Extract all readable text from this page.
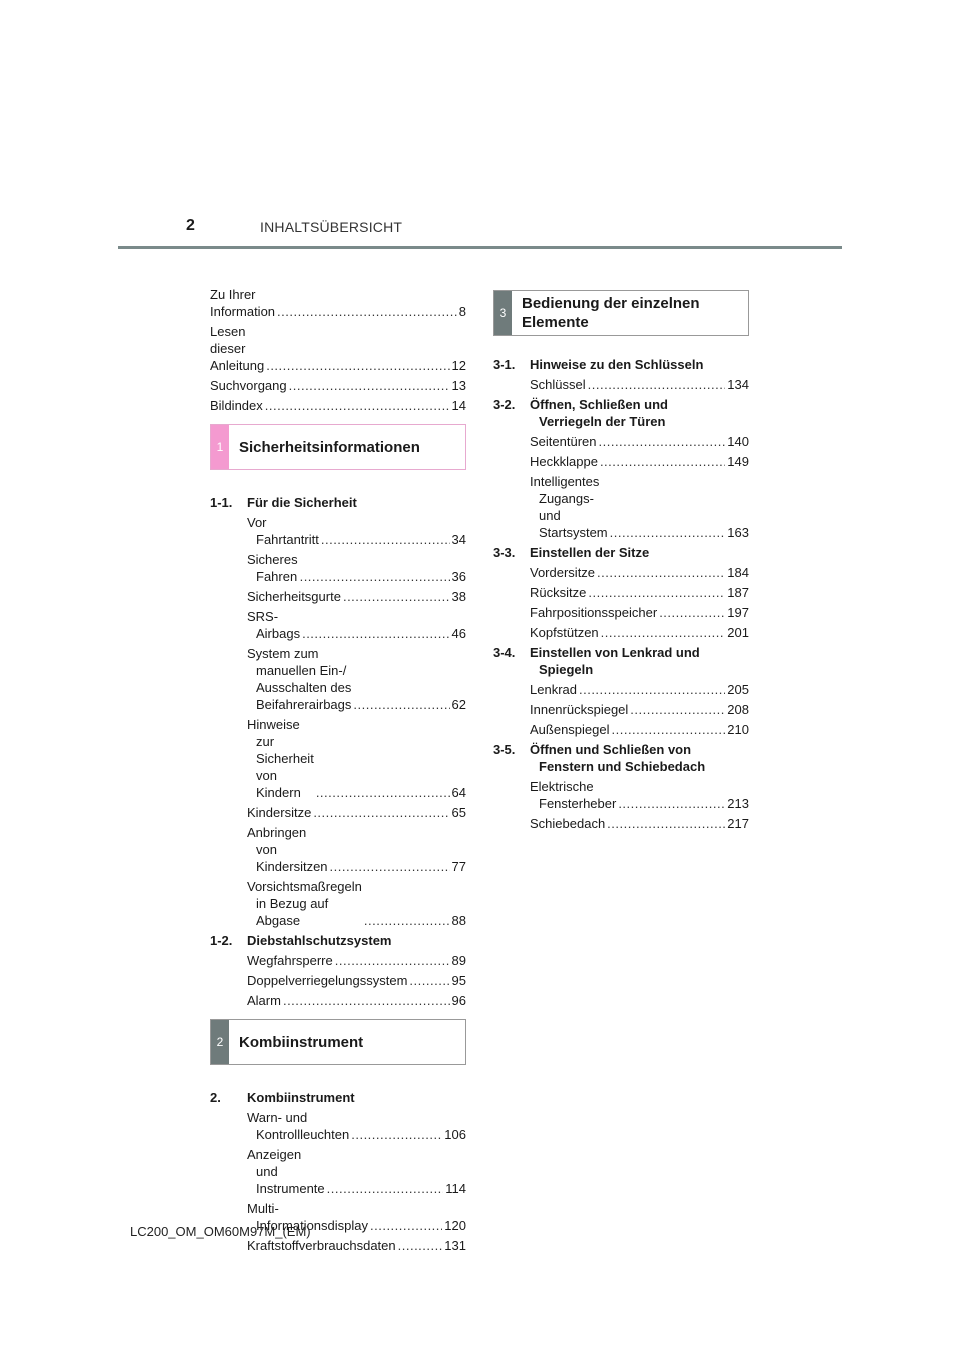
2	INHALTSÜBERSICHT
Zu Ihrer Information .....	8
Lesen dieser Anleitung .....	12
Suchvorgang .....	13
Bildindex .....	14
1	Sicherheitsinformationen
1-1.	Für die Sicherheit
Vor Fahrtantritt .....	34
Sicheres Fahren .....	36
Sicherheitsgurte .....	38
SRS-Airbags .....	46
System zum manuellen Ein-/ Ausschalten des Beifahrerairbags .....	62
Hinweise zur Sicherheit von Kindern .....	64
Kindersitze .....	65
Anbringen von Kindersitzen .....	77
Vorsichtsmaßregeln in Bezug auf Abgase .....	88
1-2.	Diebstahlschutzsystem
Wegfahrsperre .....	89
Doppelverriegelungssystem .....	95
Alarm .....	96
2	Kombiinstrument
2.	Kombiinstrument
Warn- und Kontrollleuchten .....	106
Anzeigen und Instrumente .....	114
Multi-Informationsdisplay .....	120
Kraftstoffverbrauchsdaten .....	131
3
Bedienung der einzelnen
Elemente
3-1.	Hinweise zu den Schlüsseln
Schlüssel .....	134
3-2.	Öffnen, Schließen und Verriegeln der Türen
Seitentüren .....	140
Heckklappe .....	149
Intelligentes Zugangs- und Startsystem .....	163
3-3.	Einstellen der Sitze
Vordersitze .....	184
Rücksitze .....	187
Fahrpositionsspeicher .....	197
Kopfstützen .....	201
3-4.	Einstellen von Lenkrad und Spiegeln
Lenkrad .....	205
Innenrückspiegel .....	208
Außenspiegel .....	210
3-5.	Öffnen und Schließen von Fenstern und Schiebedach
Elektrische Fensterheber .....	213
Schiebedach .....	217
LC200_OM_OM60M97M_(EM)
